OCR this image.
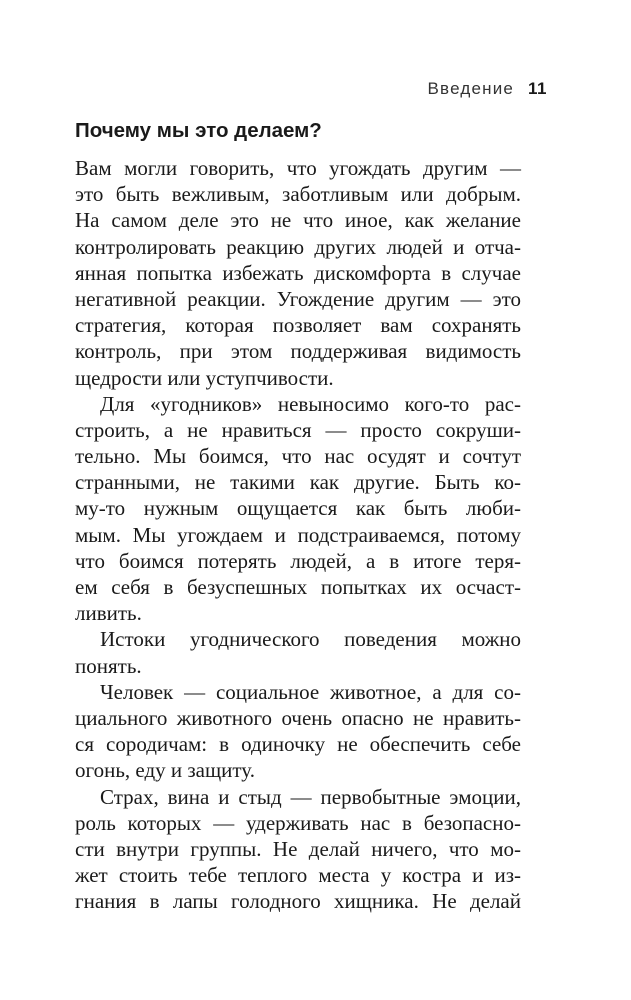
Введение 11
Почему мы это делаем?
Вам могли говорить, что угождать другим —
это быть вежливым, заботливым или добрым.
На самом деле это не что иное, как желание
контролировать реакцию других людей и отча-
янная попытка избежать дискомфорта в случае
негативной реакции. Угождение другим — это
стратегия, которая позволяет вам сохранять
контроль, при этом поддерживая видимость
щедрости или уступчивости.
Для «угодников» невыносимо кого-то рас-
строить, а не нравиться — просто сокруши-
тельно. Мы боимся, что нас осудят и сочтут
странными, не такими как другие. Быть ко-
му-то нужным ощущается как быть люби-
мым. Мы угождаем и подстраиваемся, потому
что боимся потерять людей, а в итоге теря-
ем себя в безуспешных попытках их осчаст-
ливить.
Истоки угоднического поведения можно
понять.
Человек — социальное животное, а для со-
циального животного очень опасно не нравить-
ся сородичам: в одиночку не обеспечить себе
огонь, еду и защиту.
Страх, вина и стыд — первобытные эмоции,
роль которых — удерживать нас в безопасно-
сти внутри группы. Не делай ничего, что мо-
жет стоить тебе теплого места у костра и из-
гнания в лапы голодного хищника. Не делай
